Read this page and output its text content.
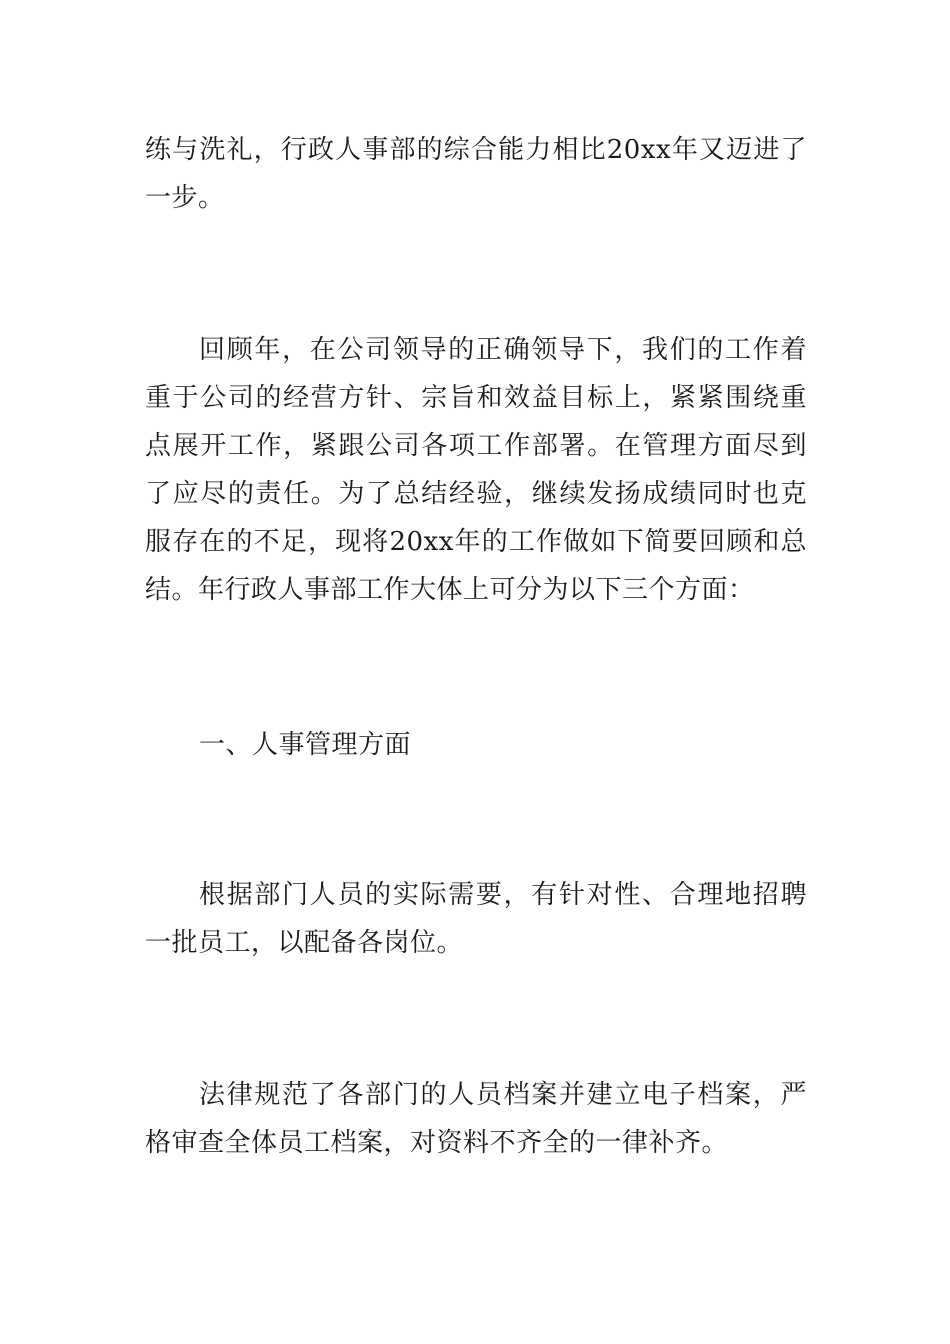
练与洗礼，行政人事部的综合能力相比20xx年又迈进了一步。

回顾年，在公司领导的正确领导下，我们的工作着重于公司的经营方针、宗旨和效益目标上，紧紧围绕重点展开工作，紧跟公司各项工作部署。在管理方面尽到了应尽的责任。为了总结经验，继续发扬成绩同时也克服存在的不足，现将20xx年的工作做如下简要回顾和总结。年行政人事部工作大体上可分为以下三个方面：

一、人事管理方面

根据部门人员的实际需要，有针对性、合理地招聘一批员工，以配备各岗位。

法律规范了各部门的人员档案并建立电子档案，严格审查全体员工档案，对资料不齐全的一律补齐。
